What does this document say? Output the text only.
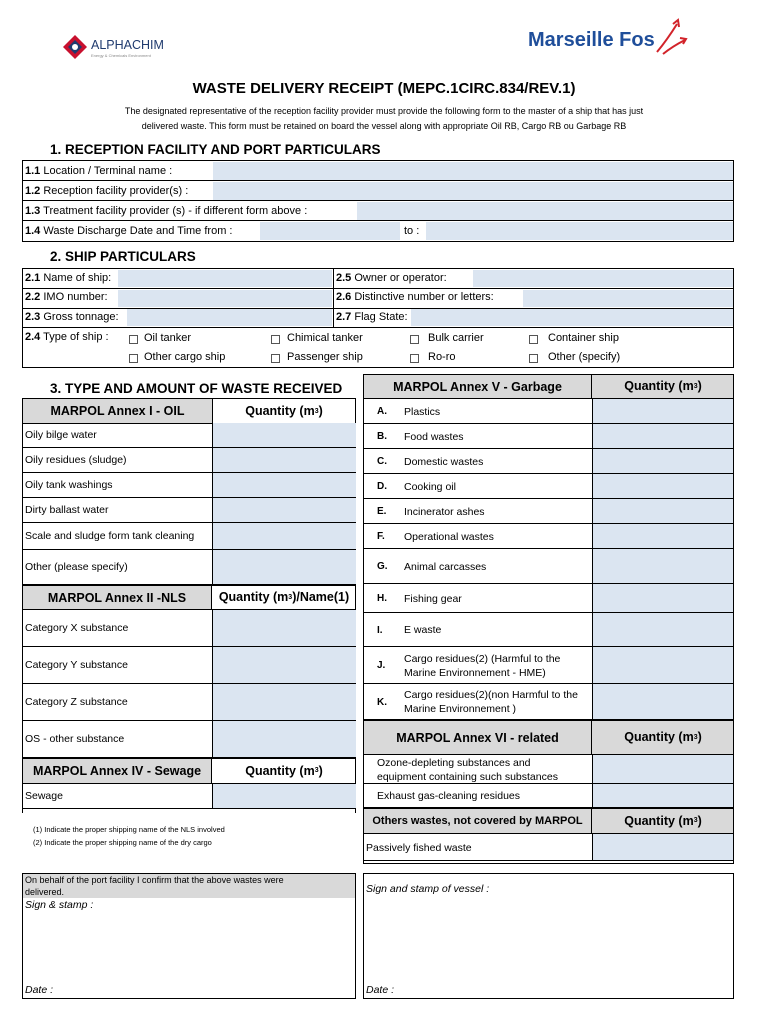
ALPHACHIM
Energy & Chemicals Environment
Marseille Fos
WASTE DELIVERY RECEIPT (MEPC.1CIRC.834/REV.1)
The designated representative of the reception facility provider must provide the following form to the master of a ship that has just
delivered waste. This form must be retained on board the vessel along with appropriate Oil RB, Cargo RB ou Garbage RB
1. RECEPTION FACILITY AND PORT PARTICULARS
1.1 Location / Terminal name :
1.2 Reception facility provider(s) :
1.3 Treatment facility provider (s) - if different form above :
1.4 Waste Discharge Date and Time from :	to :
2. SHIP PARTICULARS
2.1 Name of ship:
2.2 IMO number:
2.3 Gross tonnage:
2.5 Owner or operator:
2.6 Distinctive number or letters:
2.7 Flag State:
2.4 Type of ship :	Oil tanker	Chimical tanker	Bulk carrier	Container ship
Other cargo ship	Passenger ship	Ro-ro	Other (specify)
3. TYPE AND AMOUNT OF WASTE RECEIVED
MARPOL Annex I - OIL	Quantity (m 3 )
Oily bilge water
Oily residues (sludge)
Oily tank washings
Dirty ballast water
Scale and sludge form tank cleaning
Other (please specify)
MARPOL Annex II -NLS	Quantity (m 3 )/Name(1)
Category X substance
Category Y substance
Category Z substance
OS - other substance
MARPOL Annex IV - Sewage	Quantity (m 3 )
Sewage
MARPOL Annex V - Garbage	Quantity (m 3 )
A. Plastics
B. Food wastes
C. Domestic wastes
D. Cooking oil
E. Incinerator ashes
F. Operational wastes
G. Animal carcasses
H. Fishing gear
I. E waste
J.
Cargo residues(2) (Harmful to the
Marine Environnement - HME)
K.
Cargo residues(2)(non Harmful to the
Marine Environnement )
MARPOL Annex VI - related	Quantity (m 3 )
Ozone-depleting substances and
equipment containing such substances
Exhaust gas-cleaning residues
Others wastes, not covered by MARPOL	Quantity (m 3 )
Passively fished waste
(1) Indicate the proper shipping name of the NLS involved
(2) Indicate the proper shipping name of the dry cargo
On behalf of the port facility I confirm that the above wastes were
delivered.
Sign & stamp :
Date :
Sign and stamp of vessel :
Date :
